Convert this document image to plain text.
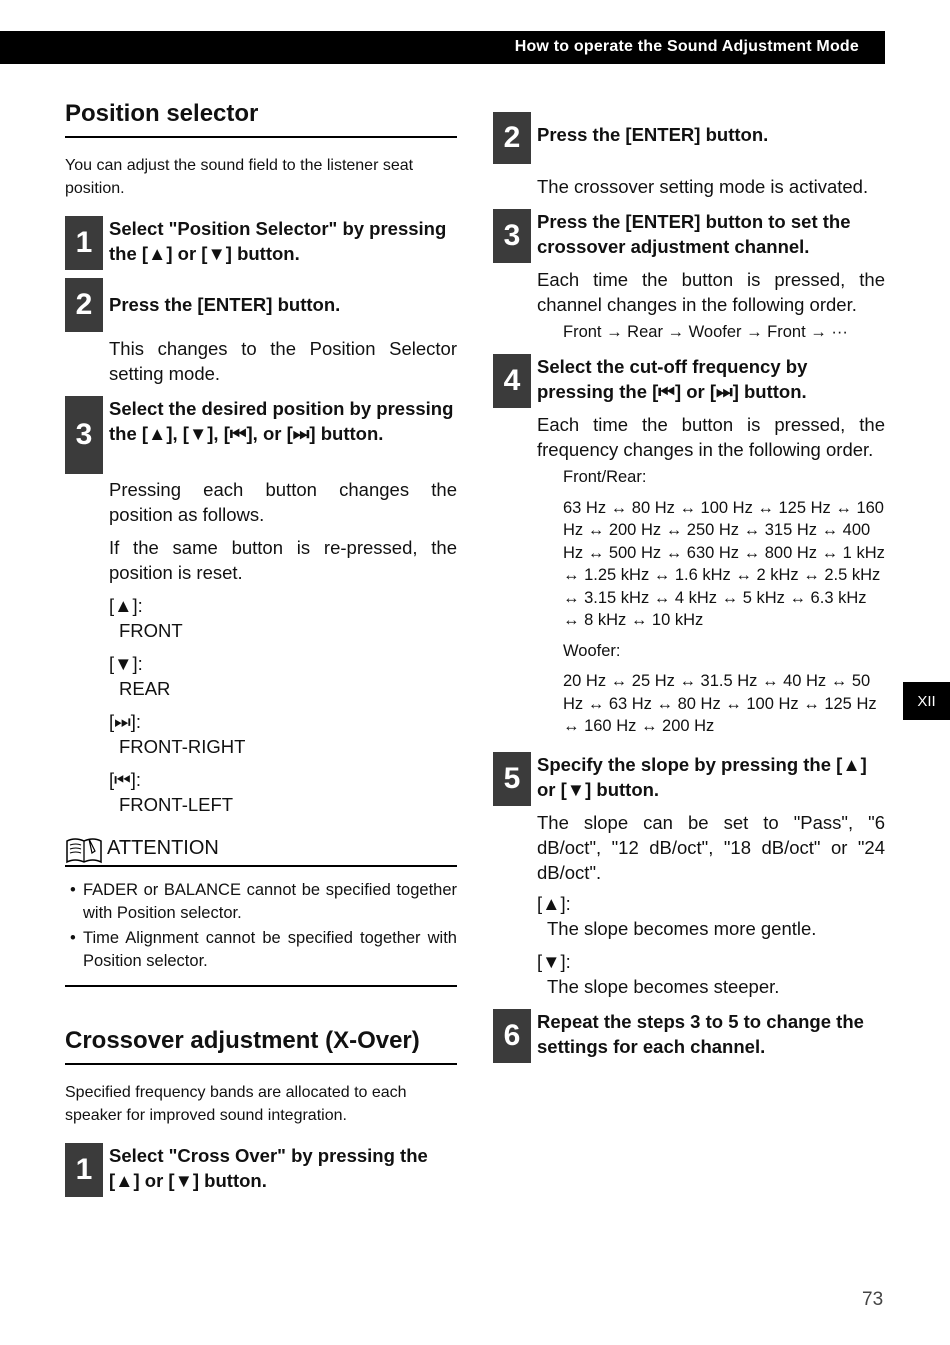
How to operate the Sound Adjustment Mode
Position selector
You can adjust the sound field to the listener seat position.
1 Select "Position Selector" by pressing the [▲] or [▼] button.
2 Press the [ENTER] button.
This changes to the Position Selector setting mode.
3
Select the desired position by pressing the [▲], [▼], [⏮], or [⏭] button.

Pressing each button changes the position as follows.

If the same button is re-pressed, the position is reset.

[▲]:
FRONT
[▼]:
REAR
[⏭]:
FRONT-RIGHT
[⏮]:
FRONT-LEFT
ATTENTION
• FADER or BALANCE cannot be specified together with Position selector.
• Time Alignment cannot be specified together with Position selector.
Crossover adjustment (X-Over)
Specified frequency bands are allocated to each speaker for improved sound integration.
1 Select "Cross Over" by pressing the [▲] or [▼] button.
2 Press the [ENTER] button.
The crossover setting mode is activated.
3 Press the [ENTER] button to set the crossover adjustment channel.
Each time the button is pressed, the channel changes in the following order.
Front → Rear → Woofer → Front → ···
4 Select the cut-off frequency by pressing the [⏮] or [⏭] button.
Each time the button is pressed, the frequency changes in the following order.
Front/Rear:
63 Hz ↔ 80 Hz ↔ 100 Hz ↔ 125 Hz ↔ 160 Hz ↔ 200 Hz ↔ 250 Hz ↔ 315 Hz ↔ 400 Hz ↔ 500 Hz ↔ 630 Hz ↔ 800 Hz ↔ 1 kHz ↔ 1.25 kHz ↔ 1.6 kHz ↔ 2 kHz ↔ 2.5 kHz ↔ 3.15 kHz ↔ 4 kHz ↔ 5 kHz ↔ 6.3 kHz ↔ 8 kHz ↔ 10 kHz
Woofer:
20 Hz ↔ 25 Hz ↔ 31.5 Hz ↔ 40 Hz ↔ 50 Hz ↔ 63 Hz ↔ 80 Hz ↔ 100 Hz ↔ 125 Hz ↔ 160 Hz ↔ 200 Hz
5 Specify the slope by pressing the [▲] or [▼] button.
The slope can be set to "Pass", "6 dB/oct", "12 dB/oct", "18 dB/oct" or "24 dB/oct".
[▲]:
The slope becomes more gentle.
[▼]:
The slope becomes steeper.
6 Repeat the steps 3 to 5 to change the settings for each channel.
XII
73
